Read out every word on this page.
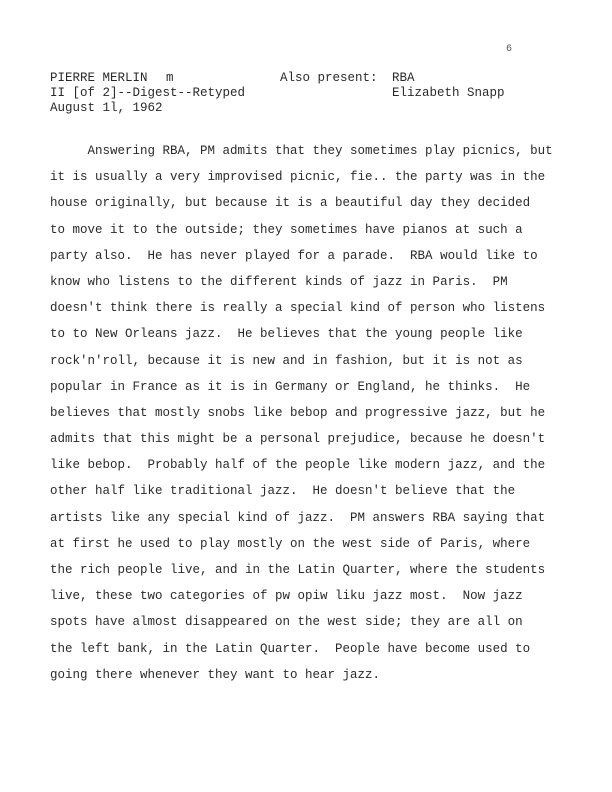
6

PIERRE MERLIN

m

	Also present:

RBA

II [of 2]--Digest--Retyped

	Elizabeth Snapp

August 1l, 1962

Answering RBA, PM admits that they sometimes play picnics, but
it is usually a very improvised picnic, fie.. the party was in the
house originally, but because it is a beautiful day they decided
to move it to the outside; they sometimes have pianos at such a
party also.  He has never played for a parade.  RBA would like to
know who listens to the different kinds of jazz in Paris.  PM
doesn't think there is really a special kind of person who listens
to to New Orleans jazz.  He believes that the young people like
rock'n'roll, because it is new and in fashion, but it is not as
popular in France as it is in Germany or England, he thinks.  He
believes that mostly snobs like bebop and progressive jazz, but he
admits that this might be a personal prejudice, because he doesn't
like bebop.  Probably half of the people like modern jazz, and the
other half like traditional jazz.  He doesn't believe that the
artists like any special kind of jazz.  PM answers RBA saying that
at first he used to play mostly on the west side of Paris, where
the rich people live, and in the Latin Quarter, where the students
live, these two categories of pw opiw liku jazz most.  Now jazz
spots have almost disappeared on the west side; they are all on
the left bank, in the Latin Quarter.  People have become used to
going there whenever they want to hear jazz.
